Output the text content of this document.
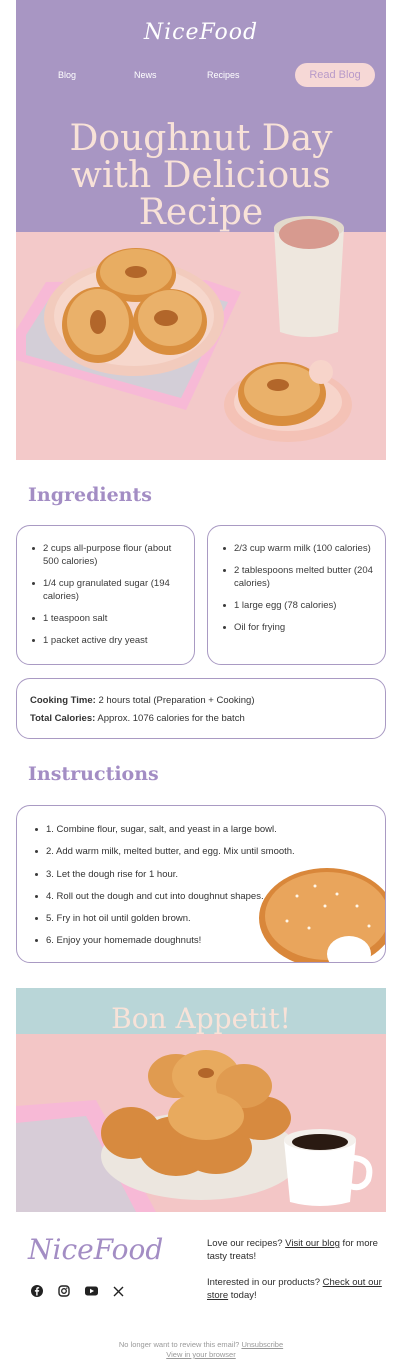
NiceFood
Blog	News	Recipes	Read Blog
Doughnut Day
with Delicious
Recipe
Ingredients
2 cups all-purpose flour (about 500 calories)
1/4 cup granulated sugar (194 calories)
1 teaspoon salt
1 packet active dry yeast
2/3 cup warm milk (100 calories)
2 tablespoons melted butter (204 calories)
1 large egg (78 calories)
Oil for frying

Cooking Time: 2 hours total (Preparation + Cooking)

Total Calories: Approx. 1076 calories for the batch

Instructions
1. Combine flour, sugar, salt, and yeast in a large bowl.
2. Add warm milk, melted butter, and egg. Mix until smooth.
3. Let the dough rise for 1 hour.
4. Roll out the dough and cut into doughnut shapes.
5. Fry in hot oil until golden brown.
6. Enjoy your homemade doughnuts!
Bon Appetit!
NiceFood	Love our recipes? Visit our blog for more tasty treats!

Interested in our products? Check out our store today!

No longer want to review this email? Unsubscribe
View in your browser
